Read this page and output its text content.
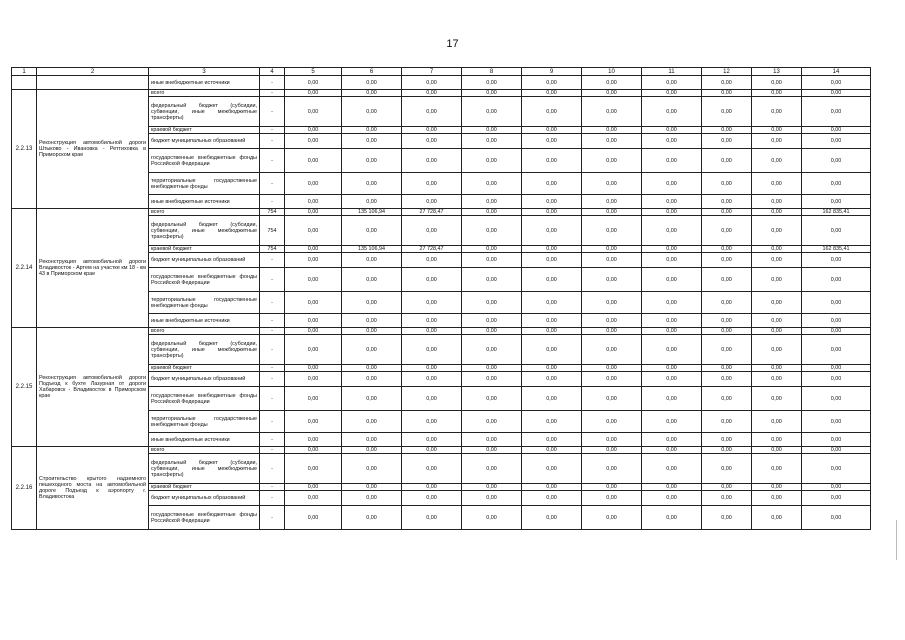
17
1	2	3	4	5	6	7	8	9	10	11	12	13	14
		иные внебюджетные источники	-	0,00	0,00	0,00	0,00	0,00	0,00	0,00	0,00	0,00	0,00
2.2.13	Реконструкция автомобильной дороги Штыково - Ивановка - Реттиховка в Приморском крае	всего	-	0,00	0,00	0,00	0,00	0,00	0,00	0,00	0,00	0,00	0,00
		федеральный бюджет (субсидии, субвенции, иные межбюджетные трансферты)	-	0,00	0,00	0,00	0,00	0,00	0,00	0,00	0,00	0,00	0,00
		краевой бюджет	-	0,00	0,00	0,00	0,00	0,00	0,00	0,00	0,00	0,00	0,00
		бюджет муниципальных образований	-	0,00	0,00	0,00	0,00	0,00	0,00	0,00	0,00	0,00	0,00
		государственные внебюджетные фонды Российской Федерации	-	0,00	0,00	0,00	0,00	0,00	0,00	0,00	0,00	0,00	0,00
		территориальные государственные внебюджетные фонды	-	0,00	0,00	0,00	0,00	0,00	0,00	0,00	0,00	0,00	0,00
		иные внебюджетные источники	-	0,00	0,00	0,00	0,00	0,00	0,00	0,00	0,00	0,00	0,00
2.2.14	Реконструкция автомобильной дороги Владивосток - Артем на участке км 18 - км 43 в Приморском крае	всего	754	0,00	135 106,94	27 728,47	0,00	0,00	0,00	0,00	0,00	0,00	162 835,41
		федеральный бюджет (субсидии, субвенции, иные межбюджетные трансферты)	754	0,00	0,00	0,00	0,00	0,00	0,00	0,00	0,00	0,00	0,00
		краевой бюджет	754	0,00	135 106,94	27 728,47	0,00	0,00	0,00	0,00	0,00	0,00	162 835,41
		бюджет муниципальных образований	-	0,00	0,00	0,00	0,00	0,00	0,00	0,00	0,00	0,00	0,00
		государственные внебюджетные фонды Российской Федерации	-	0,00	0,00	0,00	0,00	0,00	0,00	0,00	0,00	0,00	0,00
		территориальные государственные внебюджетные фонды	-	0,00	0,00	0,00	0,00	0,00	0,00	0,00	0,00	0,00	0,00
		иные внебюджетные источники	-	0,00	0,00	0,00	0,00	0,00	0,00	0,00	0,00	0,00	0,00
2.2.15	Реконструкция автомобильной дороги Подъезд к бухте Лазурная от дороги Хабаровск - Владивосток в Приморском крае	всего	-	0,00	0,00	0,00	0,00	0,00	0,00	0,00	0,00	0,00	0,00
		федеральный бюджет (субсидии, субвенции, иные межбюджетные трансферты)	-	0,00	0,00	0,00	0,00	0,00	0,00	0,00	0,00	0,00	0,00
		краевой бюджет	-	0,00	0,00	0,00	0,00	0,00	0,00	0,00	0,00	0,00	0,00
		бюджет муниципальных образований	-	0,00	0,00	0,00	0,00	0,00	0,00	0,00	0,00	0,00	0,00
		государственные внебюджетные фонды Российской Федерации	-	0,00	0,00	0,00	0,00	0,00	0,00	0,00	0,00	0,00	0,00
		территориальные государственные внебюджетные фонды	-	0,00	0,00	0,00	0,00	0,00	0,00	0,00	0,00	0,00	0,00
		иные внебюджетные источники	-	0,00	0,00	0,00	0,00	0,00	0,00	0,00	0,00	0,00	0,00
2.2.16	Строительство крытого надземного пешеходного моста на автомобильной дороге Подъезд к аэропорту г. Владивостока	всего	-	0,00	0,00	0,00	0,00	0,00	0,00	0,00	0,00	0,00	0,00
		федеральный бюджет (субсидии, субвенции, иные межбюджетные трансферты)	-	0,00	0,00	0,00	0,00	0,00	0,00	0,00	0,00	0,00	0,00
		краевой бюджет	-	0,00	0,00	0,00	0,00	0,00	0,00	0,00	0,00	0,00	0,00
		бюджет муниципальных образований	-	0,00	0,00	0,00	0,00	0,00	0,00	0,00	0,00	0,00	0,00
		государственные внебюджетные фонды Российской Федерации	-	0,00	0,00	0,00	0,00	0,00	0,00	0,00	0,00	0,00	0,00
